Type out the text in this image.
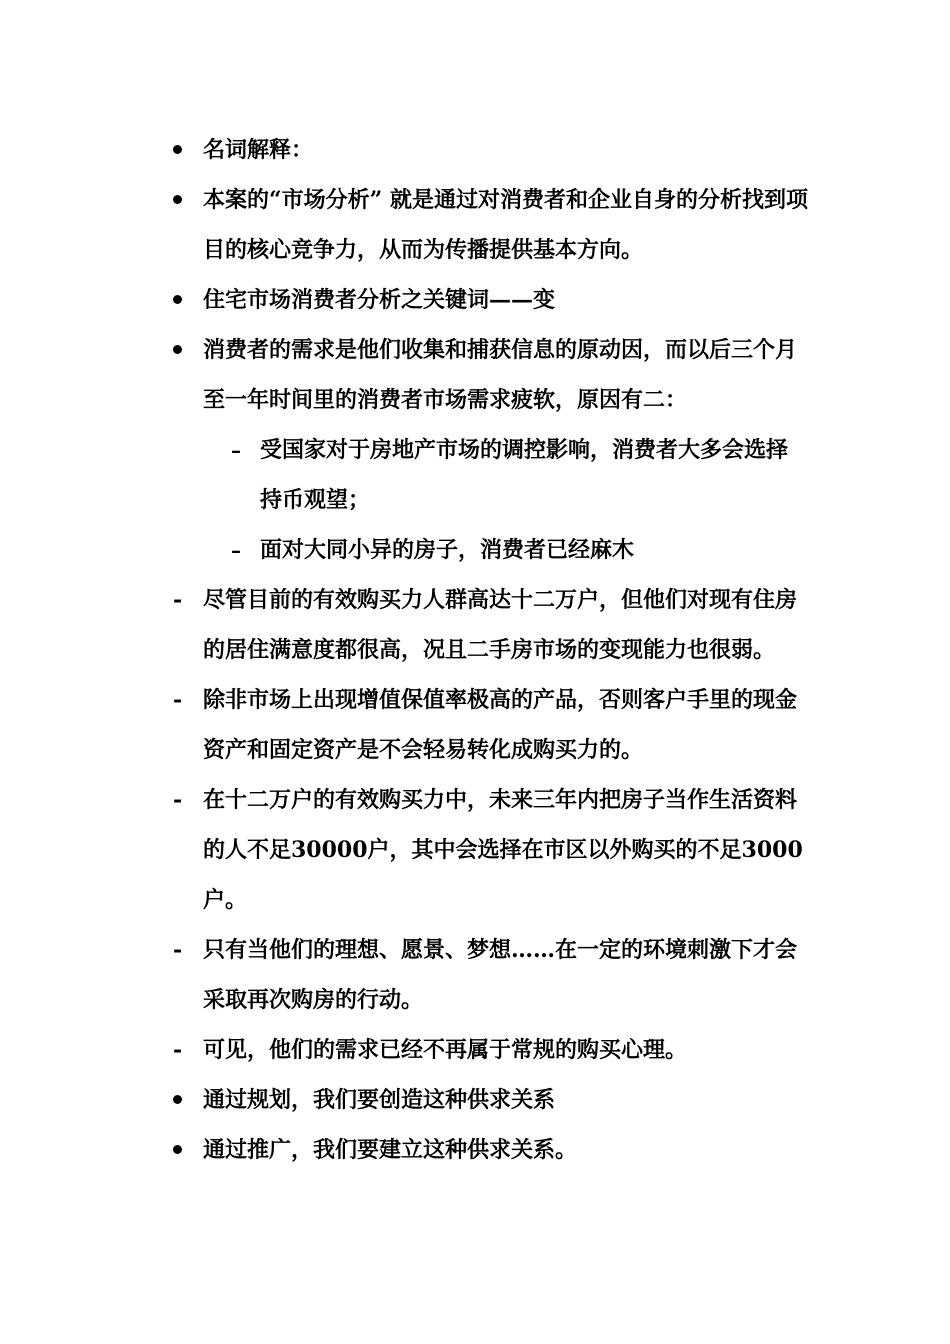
名词解释：
本案的“市场分析” 就是通过对消费者和企业自身的分析找到项目的核心竞争力，从而为传播提供基本方向。
住宅市场消费者分析之关键词——变
消费者的需求是他们收集和捕获信息的原动因，而以后三个月至一年时间里的消费者市场需求疲软，原因有二：
– 受国家对于房地产市场的调控影响，消费者大多会选择持币观望；
– 面对大同小异的房子，消费者已经麻木
- 尽管目前的有效购买力人群高达十二万户，但他们对现有住房的居住满意度都很高，况且二手房市场的变现能力也很弱。
- 除非市场上出现增值保值率极高的产品，否则客户手里的现金资产和固定资产是不会轻易转化成购买力的。
- 在十二万户的有效购买力中，未来三年内把房子当作生活资料的人不足30000户，其中会选择在市区以外购买的不足3000户。
- 只有当他们的理想、愿景、梦想……在一定的环境刺激下才会采取再次购房的行动。
- 可见，他们的需求已经不再属于常规的购买心理。
通过规划，我们要创造这种供求关系
通过推广，我们要建立这种供求关系。
